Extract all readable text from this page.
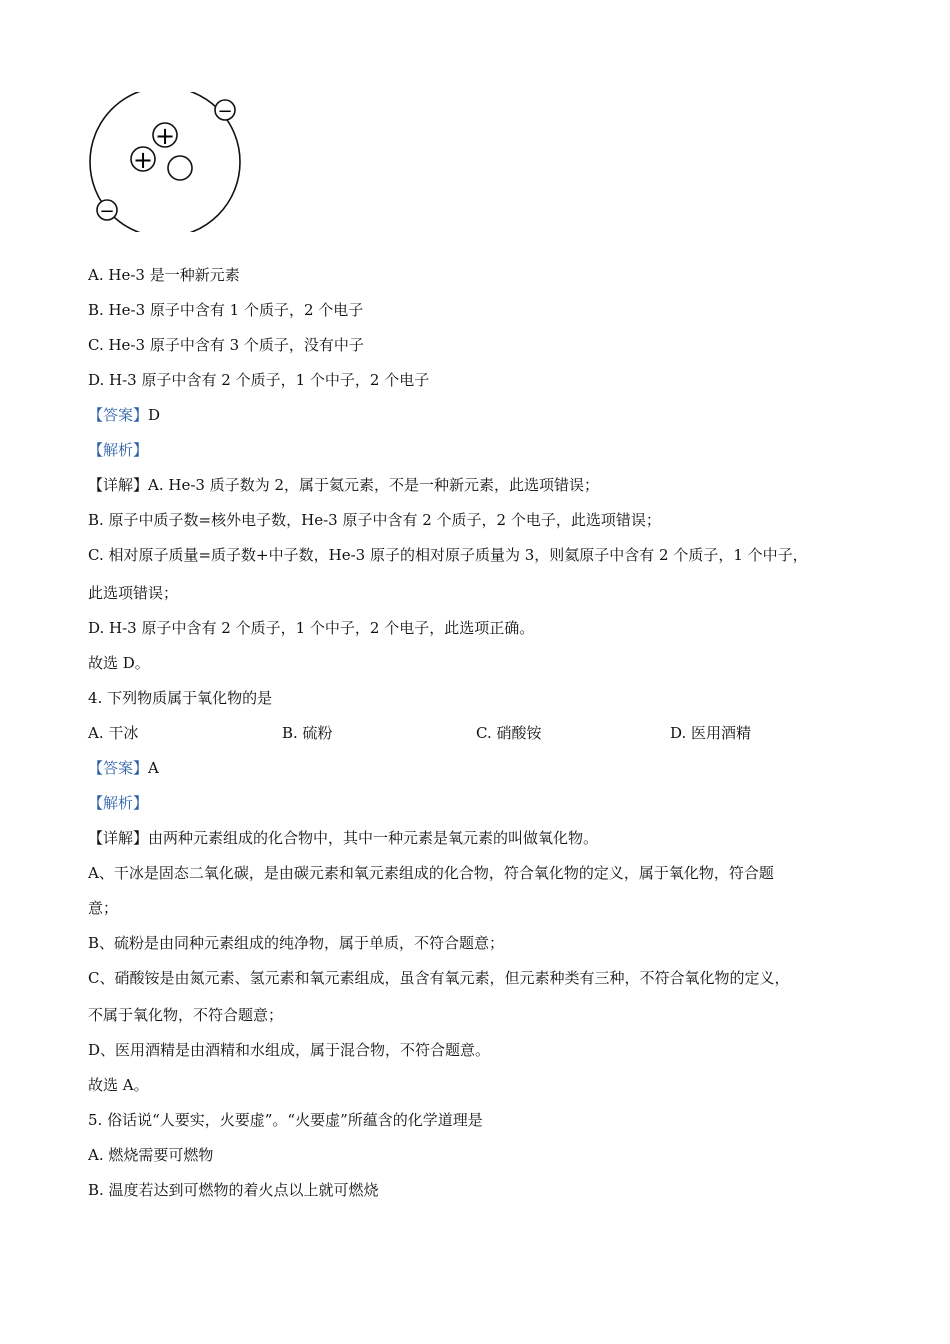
+
+
−
−
A. He-3 是一种新元素
B. He-3 原子中含有 1 个质子，2 个电子
C. He-3 原子中含有 3 个质子，没有中子
D. H-3 原子中含有 2 个质子，1 个中子，2 个电子
【答案】D
【解析】
【详解】A. He-3 质子数为 2，属于氦元素，不是一种新元素，此选项错误；
B. 原子中质子数=核外电子数，He-3 原子中含有 2 个质子，2 个电子，此选项错误；
C. 相对原子质量=质子数+中子数，He-3 原子的相对原子质量为 3，则氦原子中含有 2 个质子，1 个中子，
此选项错误；
D. H-3 原子中含有 2 个质子，1 个中子，2 个电子，此选项正确。
故选 D。
4. 下列物质属于氧化物的是
A. 干冰	B. 硫粉	C. 硝酸铵	D. 医用酒精
【答案】A
【解析】
【详解】由两种元素组成的化合物中，其中一种元素是氧元素的叫做氧化物。
A、干冰是固态二氧化碳，是由碳元素和氧元素组成的化合物，符合氧化物的定义，属于氧化物，符合题
意；
B、硫粉是由同种元素组成的纯净物，属于单质，不符合题意；
C、硝酸铵是由氮元素、氢元素和氧元素组成，虽含有氧元素，但元素种类有三种，不符合氧化物的定义，
不属于氧化物，不符合题意；
D、医用酒精是由酒精和水组成，属于混合物，不符合题意。
故选 A。
5. 俗话说“人要实，火要虚”。“火要虚”所蕴含的化学道理是
A. 燃烧需要可燃物
B. 温度若达到可燃物的着火点以上就可燃烧
